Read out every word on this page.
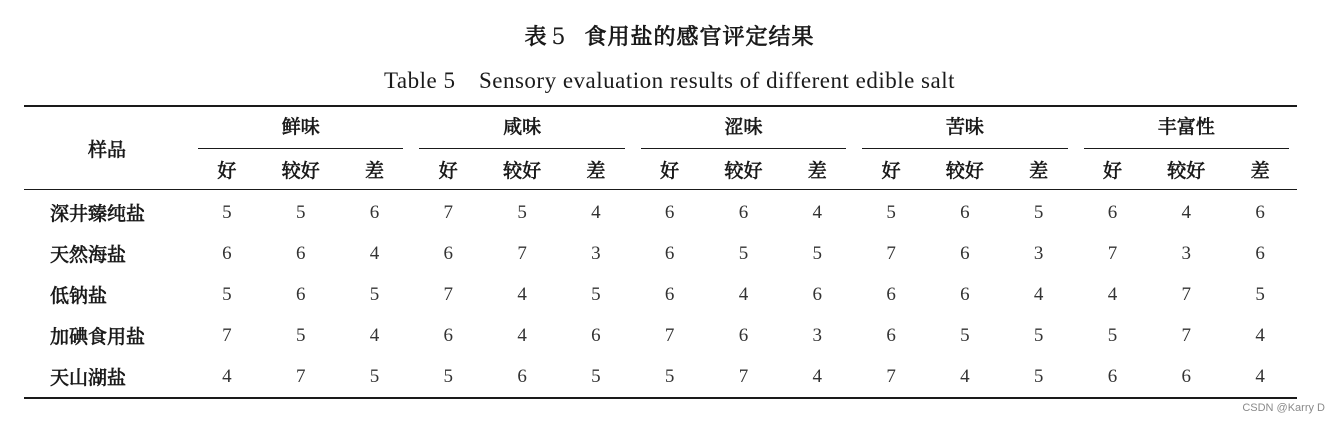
表 5 食用盐的感官评定结果
Table 5　Sensory evaluation results of different edible salt
样品	鲜味			咸味			涩味			苦味			丰富性		

	好	较好	差	好	较好	差	好	较好	差	好	较好	差	好	较好	差
深井臻纯盐	5	5	6	7	5	4	6	6	4	5	6	5	6	4	6
天然海盐	6	6	4	6	7	3	6	5	5	7	6	3	7	3	6
低钠盐	5	6	5	7	4	5	6	4	6	6	6	4	4	7	5
加碘食用盐	7	5	4	6	4	6	7	6	3	6	5	5	5	7	4
天山湖盐	4	7	5	5	6	5	5	7	4	7	4	5	6	6	4
CSDN @Karry D
